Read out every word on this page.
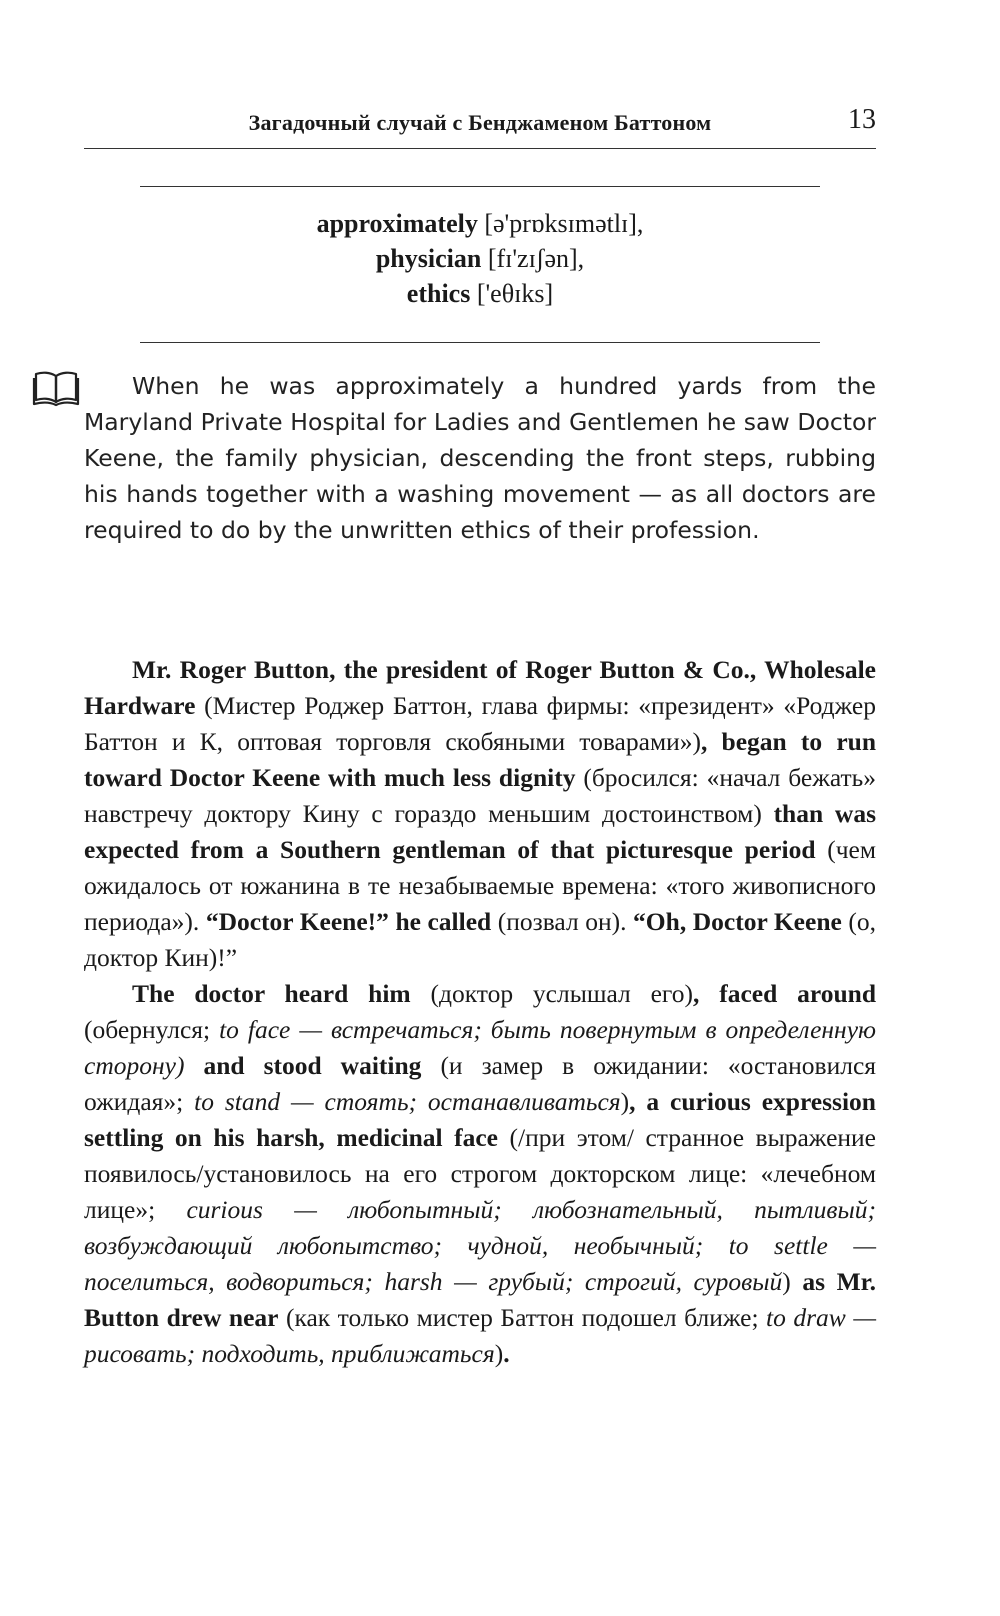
Загадочный случай с Бенджаменом Баттоном	13
approximately [ə'prɒksɪmətlɪ],
physician [fɪ'zɪʃən],
ethics ['eθɪks]

When he was approximately a hundred yards from the Maryland Private Hospital for Ladies and Gentlemen he saw Doctor Keene, the family physician, descending the front steps, rubbing his hands together with a washing movement — as all doctors are required to do by the unwritten ethics of their profession.

Mr. Roger Button, the president of Roger Button & Co., Wholesale Hardware (Мистер Роджер Баттон, глава фирмы: «президент» «Роджер Баттон и К, оптовая торговля скобяными товарами»), began to run toward Doctor Keene with much less dignity (бросился: «начал бежать» навстречу доктору Кину с гораздо меньшим достоинством) than was expected from a Southern gentleman of that picturesque period (чем ожидалось от южанина в те незабываемые времена: «того живописного периода»). “Doctor Keene!” he called (позвал он). “Oh, Doctor Keene (о, доктор Кин)!”

The doctor heard him (доктор услышал его), faced around (обернулся; to face — встречаться; быть повернутым в определенную сторону) and stood waiting (и замер в ожидании: «остановился ожидая»; to stand — стоять; останавливаться), a curious expression settling on his harsh, medicinal face (/при этом/ странное выражение появилось/установилось на его строгом докторском лице: «лечебном лице»; curious — любопытный; любознательный, пытливый; возбуждающий любопытство; чудной, необычный; to settle — поселиться, водвориться; harsh — грубый; строгий, суровый) as Mr. Button drew near (как только мистер Баттон подошел ближе; to draw — рисовать; подходить, приближаться).
